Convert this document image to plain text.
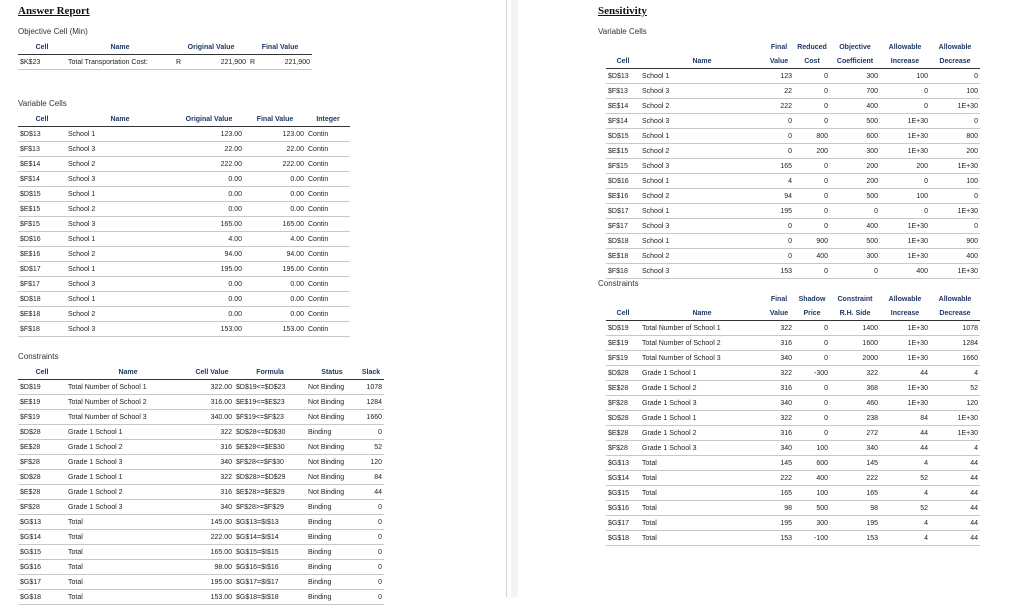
Answer Report
Objective Cell (Min)
Cell	Name	Original Value		Final Value	
$K$23	Total Transportation Cost:	R	221,900	R	221,900
Variable Cells
Cell	Name	Original Value	Final Value	Integer
$D$13	School 1	123.00	123.00	Contin
$F$13	School 3	22.00	22.00	Contin
$E$14	School 2	222.00	222.00	Contin
$F$14	School 3	0.00	0.00	Contin
$D$15	School 1	0.00	0.00	Contin
$E$15	School 2	0.00	0.00	Contin
$F$15	School 3	165.00	165.00	Contin
$D$16	School 1	4.00	4.00	Contin
$E$16	School 2	94.00	94.00	Contin
$D$17	School 1	195.00	195.00	Contin
$F$17	School 3	0.00	0.00	Contin
$D$18	School 1	0.00	0.00	Contin
$E$18	School 2	0.00	0.00	Contin
$F$18	School 3	153.00	153.00	Contin
Constraints
Cell	Name	Cell Value	Formula	Status	Slack
$D$19	Total Number of School 1	322.00	$D$19<=$D$23	Not Binding	1078
$E$19	Total Number of School 2	316.00	$E$19<=$E$23	Not Binding	1284
$F$19	Total Number of School 3	340.00	$F$19<=$F$23	Not Binding	1660
$D$28	Grade 1 School 1	322	$D$28<=$D$30	Binding	0
$E$28	Grade 1 School 2	316	$E$28<=$E$30	Not Binding	52
$F$28	Grade 1 School 3	340	$F$28<=$F$30	Not Binding	120
$D$28	Grade 1 School 1	322	$D$28>=$D$29	Not Binding	84
$E$28	Grade 1 School 2	316	$E$28>=$E$29	Not Binding	44
$F$28	Grade 1 School 3	340	$F$28>=$F$29	Binding	0
$G$13	Total	145.00	$G$13=$I$13	Binding	0
$G$14	Total	222.00	$G$14=$I$14	Binding	0
$G$15	Total	165.00	$G$15=$I$15	Binding	0
$G$16	Total	98.00	$G$16=$I$16	Binding	0
$G$17	Total	195.00	$G$17=$I$17	Binding	0
$G$18	Total	153.00	$G$18=$I$18	Binding	0
Sensitivity
Variable Cells
		Final	Reduced	Objective	Allowable	Allowable
Cell	Name	Value	Cost	Coefficient	Increase	Decrease
$D$13	School 1	123	0	300	100	0
$F$13	School 3	22	0	700	0	100
$E$14	School 2	222	0	400	0	1E+30
$F$14	School 3	0	0	500	1E+30	0
$D$15	School 1	0	800	600	1E+30	800
$E$15	School 2	0	200	300	1E+30	200
$F$15	School 3	165	0	200	200	1E+30
$D$16	School 1	4	0	200	0	100
$E$16	School 2	94	0	500	100	0
$D$17	School 1	195	0	0	0	1E+30
$F$17	School 3	0	0	400	1E+30	0
$D$18	School 1	0	900	500	1E+30	900
$E$18	School 2	0	400	300	1E+30	400
$F$18	School 3	153	0	0	400	1E+30
Constraints
		Final	Shadow	Constraint	Allowable	Allowable
Cell	Name	Value	Price	R.H. Side	Increase	Decrease
$D$19	Total Number of School 1	322	0	1400	1E+30	1078
$E$19	Total Number of School 2	316	0	1600	1E+30	1284
$F$19	Total Number of School 3	340	0	2000	1E+30	1660
$D$28	Grade 1 School 1	322	-300	322	44	4
$E$28	Grade 1 School 2	316	0	368	1E+30	52
$F$28	Grade 1 School 3	340	0	460	1E+30	120
$D$28	Grade 1 School 1	322	0	238	84	1E+30
$E$28	Grade 1 School 2	316	0	272	44	1E+30
$F$28	Grade 1 School 3	340	100	340	44	4
$G$13	Total	145	600	145	4	44
$G$14	Total	222	400	222	52	44
$G$15	Total	165	100	165	4	44
$G$16	Total	98	500	98	52	44
$G$17	Total	195	300	195	4	44
$G$18	Total	153	-100	153	4	44
